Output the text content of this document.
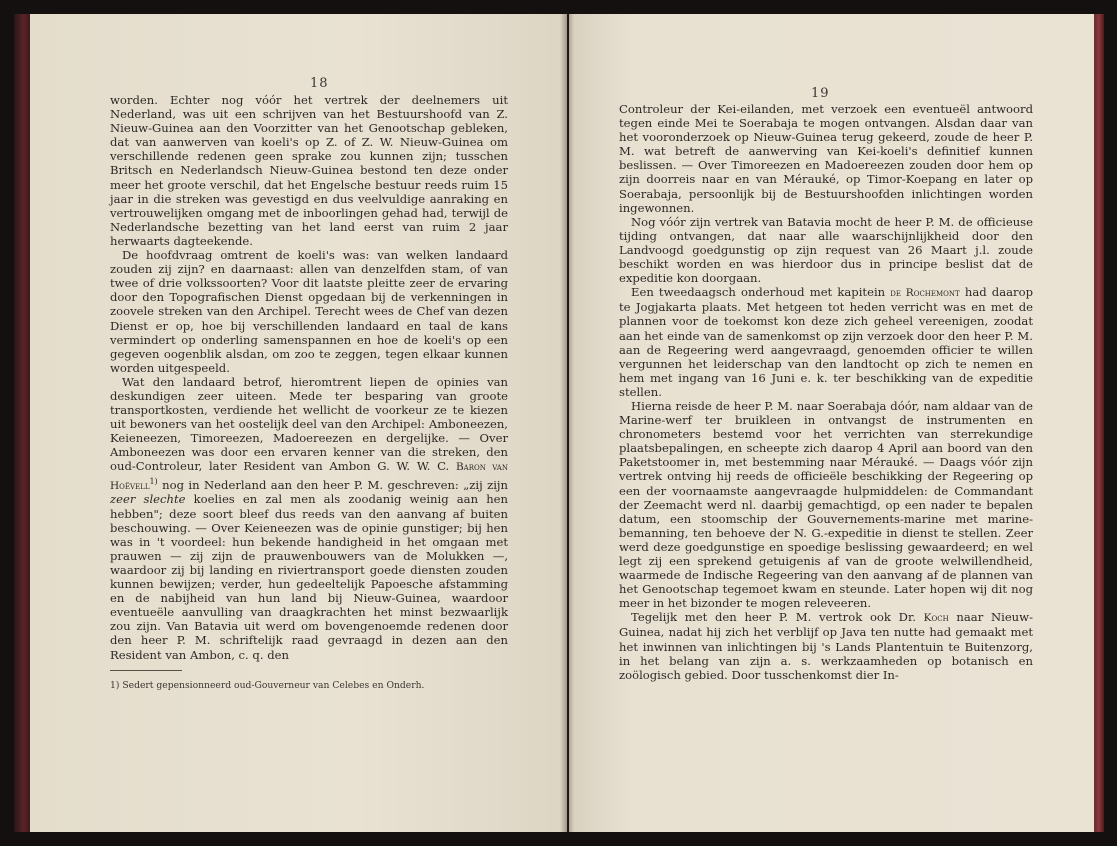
18

worden. Echter nog vóór het vertrek der deelnemers uit Nederland, was uit een schrijven van het Bestuurshoofd van Z. Nieuw-Guinea aan den Voorzitter van het Genootschap gebleken, dat van aanwerven van koeli's op Z. of Z. W. Nieuw-Guinea om verschillende redenen geen sprake zou kunnen zijn; tusschen Britsch en Nederlandsch Nieuw-Guinea bestond ten deze onder meer het groote verschil, dat het Engelsche bestuur reeds ruim 15 jaar in die streken was gevestigd en dus veelvuldige aanraking en vertrouwelijken omgang met de inboorlingen gehad had, terwijl de Nederlandsche bezetting van het land eerst van ruim 2 jaar herwaarts dagteekende.

De hoofdvraag omtrent de koeli's was: van welken landaard zouden zij zijn? en daarnaast: allen van denzelfden stam, of van twee of drie volkssoorten? Voor dit laatste pleitte zeer de ervaring door den Topografischen Dienst opgedaan bij de verkenningen in zoovele streken van den Archipel. Terecht wees de Chef van dezen Dienst er op, hoe bij verschillenden landaard en taal de kans vermindert op onderling samenspannen en hoe de koeli's op een gegeven oogenblik alsdan, om zoo te zeggen, tegen elkaar kunnen worden uitgespeeld.

Wat den landaard betrof, hieromtrent liepen de opinies van deskundigen zeer uiteen. Mede ter besparing van groote transportkosten, verdiende het wellicht de voorkeur ze te kiezen uit bewoners van het oostelijk deel van den Archipel: Amboneezen, Keieneezen, Timoreezen, Madoereezen en dergelijke. — Over Amboneezen was door een ervaren kenner van die streken, den oud-Controleur, later Resident van Ambon G. W. W. C. Baron van Hoëvell$^{1)}$ nog in Nederland aan den heer P. M. geschreven: „zij zijn zeer slechte koelies en zal men als zoodanig weinig aan hen hebben"; deze soort bleef dus reeds van den aanvang af buiten beschouwing. — Over Keieneezen was de opinie gunstiger; bij hen was in 't voordeel: hun bekende handigheid in het omgaan met prauwen — zij zijn de prauwenbouwers van de Molukken —, waardoor zij bij landing en riviertransport goede diensten zouden kunnen bewijzen; verder, hun gedeeltelijk Papoesche afstamming en de nabijheid van hun land bij Nieuw-Guinea, waardoor eventueële aanvulling van draagkrachten het minst bezwaarlijk zou zijn. Van Batavia uit werd om bovengenoemde redenen door den heer P. M. schriftelijk raad gevraagd in dezen aan den Resident van Ambon, c. q. den

1) Sedert gepensionneerd oud-Gouverneur van Celebes en Onderh.
19

Controleur der Kei-eilanden, met verzoek een eventueël antwoord tegen einde Mei te Soerabaja te mogen ontvangen. Alsdan daar van het vooronderzoek op Nieuw-Guinea terug gekeerd, zoude de heer P. M. wat betreft de aanwerving van Kei-koeli's definitief kunnen beslissen. — Over Timoreezen en Madoereezen zouden door hem op zijn doorreis naar en van Mérauké, op Timor-Koepang en later op Soerabaja, persoonlijk bij de Bestuurshoofden inlichtingen worden ingewonnen.

Nog vóór zijn vertrek van Batavia mocht de heer P. M. de officieuse tijding ontvangen, dat naar alle waarschijnlijkheid door den Landvoogd goedgunstig op zijn request van 26 Maart j.l. zoude beschikt worden en was hierdoor dus in principe beslist dat de expeditie kon doorgaan.

Een tweedaagsch onderhoud met kapitein de Rochemont had daarop te Jogjakarta plaats. Met hetgeen tot heden verricht was en met de plannen voor de toekomst kon deze zich geheel vereenigen, zoodat aan het einde van de samenkomst op zijn verzoek door den heer P. M. aan de Regeering werd aangevraagd, genoemden officier te willen vergunnen het leiderschap van den landtocht op zich te nemen en hem met ingang van 16 Juni e. k. ter beschikking van de expeditie stellen.

Hierna reisde de heer P. M. naar Soerabaja dóór, nam aldaar van de Marine-werf ter bruikleen in ontvangst de instrumenten en chronometers bestemd voor het verrichten van sterrekundige plaatsbepalingen, en scheepte zich daarop 4 April aan boord van den Paketstoomer in, met bestemming naar Mérauké. — Daags vóór zijn vertrek ontving hij reeds de officieële beschikking der Regeering op een der voornaamste aangevraagde hulpmiddelen: de Commandant der Zeemacht werd nl. daarbij gemachtigd, op een nader te bepalen datum, een stoomschip der Gouvernements-marine met marine-bemanning, ten behoeve der N. G.-expeditie in dienst te stellen. Zeer werd deze goedgunstige en spoedige beslissing gewaardeerd; en wel legt zij een sprekend getuigenis af van de groote welwillendheid, waarmede de Indische Regeering van den aanvang af de plannen van het Genootschap tegemoet kwam en steunde. Later hopen wij dit nog meer in het bizonder te mogen releveeren.

Tegelijk met den heer P. M. vertrok ook Dr. Koch naar Nieuw-Guinea, nadat hij zich het verblijf op Java ten nutte had gemaakt met het inwinnen van inlichtingen bij 's Lands Plantentuin te Buitenzorg, in het belang van zijn a. s. werkzaamheden op botanisch en zoölogisch gebied. Door tusschenkomst dier In-
